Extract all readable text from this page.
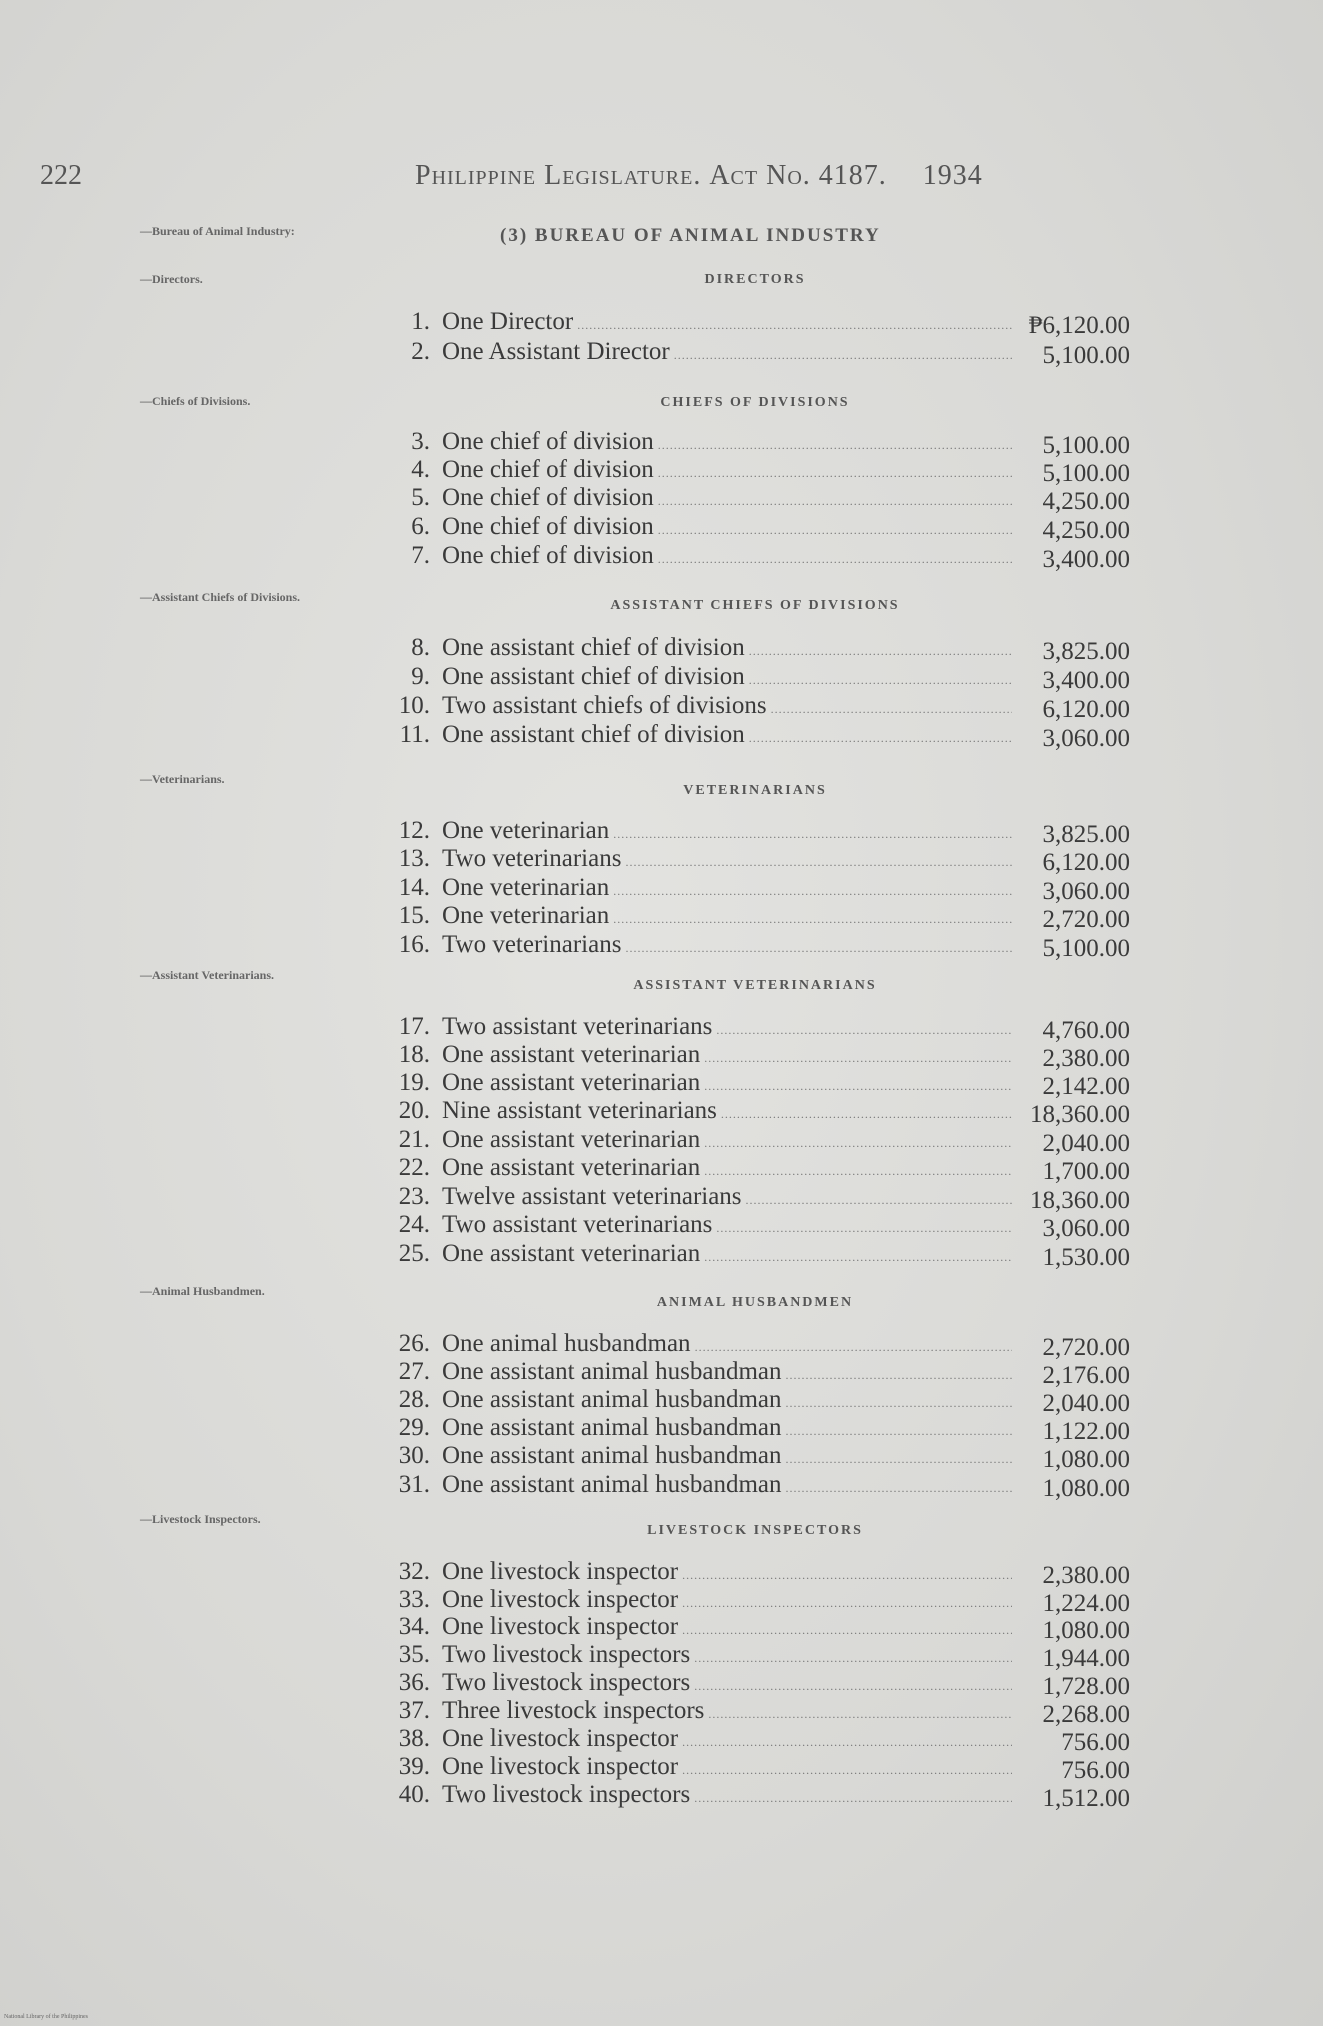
222	Philippine Legislature. Act No. 4187. 1934
(3) BUREAU OF ANIMAL INDUSTRY
—Bureau of Animal Industry:
—Directors.
—Chiefs of Divisions.
—Assistant Chiefs of Divisions.
—Veterinarians.
—Assistant Veterinarians.
—Animal Husbandmen.
—Livestock Inspectors.
DIRECTORS
1. One Director .....	₱6,120.00
2. One Assistant Director .....	5,100.00
CHIEFS OF DIVISIONS
3. One chief of division .....	5,100.00
4. One chief of division .....	5,100.00
5. One chief of division .....	4,250.00
6. One chief of division .....	4,250.00
7. One chief of division .....	3,400.00
ASSISTANT CHIEFS OF DIVISIONS
8. One assistant chief of division .....	3,825.00
9. One assistant chief of division .....	3,400.00
10. Two assistant chiefs of divisions .....	6,120.00
11. One assistant chief of division .....	3,060.00
VETERINARIANS
12. One veterinarian .....	3,825.00
13. Two veterinarians .....	6,120.00
14. One veterinarian .....	3,060.00
15. One veterinarian .....	2,720.00
16. Two veterinarians .....	5,100.00
ASSISTANT VETERINARIANS
17. Two assistant veterinarians .....	4,760.00
18. One assistant veterinarian .....	2,380.00
19. One assistant veterinarian .....	2,142.00
20. Nine assistant veterinarians .....	18,360.00
21. One assistant veterinarian .....	2,040.00
22. One assistant veterinarian .....	1,700.00
23. Twelve assistant veterinarians .....	18,360.00
24. Two assistant veterinarians .....	3,060.00
25. One assistant veterinarian .....	1,530.00
ANIMAL HUSBANDMEN
26. One animal husbandman .....	2,720.00
27. One assistant animal husbandman .....	2,176.00
28. One assistant animal husbandman .....	2,040.00
29. One assistant animal husbandman .....	1,122.00
30. One assistant animal husbandman .....	1,080.00
31. One assistant animal husbandman .....	1,080.00
LIVESTOCK INSPECTORS
32. One livestock inspector .....	2,380.00
33. One livestock inspector .....	1,224.00
34. One livestock inspector .....	1,080.00
35. Two livestock inspectors .....	1,944.00
36. Two livestock inspectors .....	1,728.00
37. Three livestock inspectors .....	2,268.00
38. One livestock inspector .....	756.00
39. One livestock inspector .....	756.00
40. Two livestock inspectors .....	1,512.00
National Library of the Philippines
